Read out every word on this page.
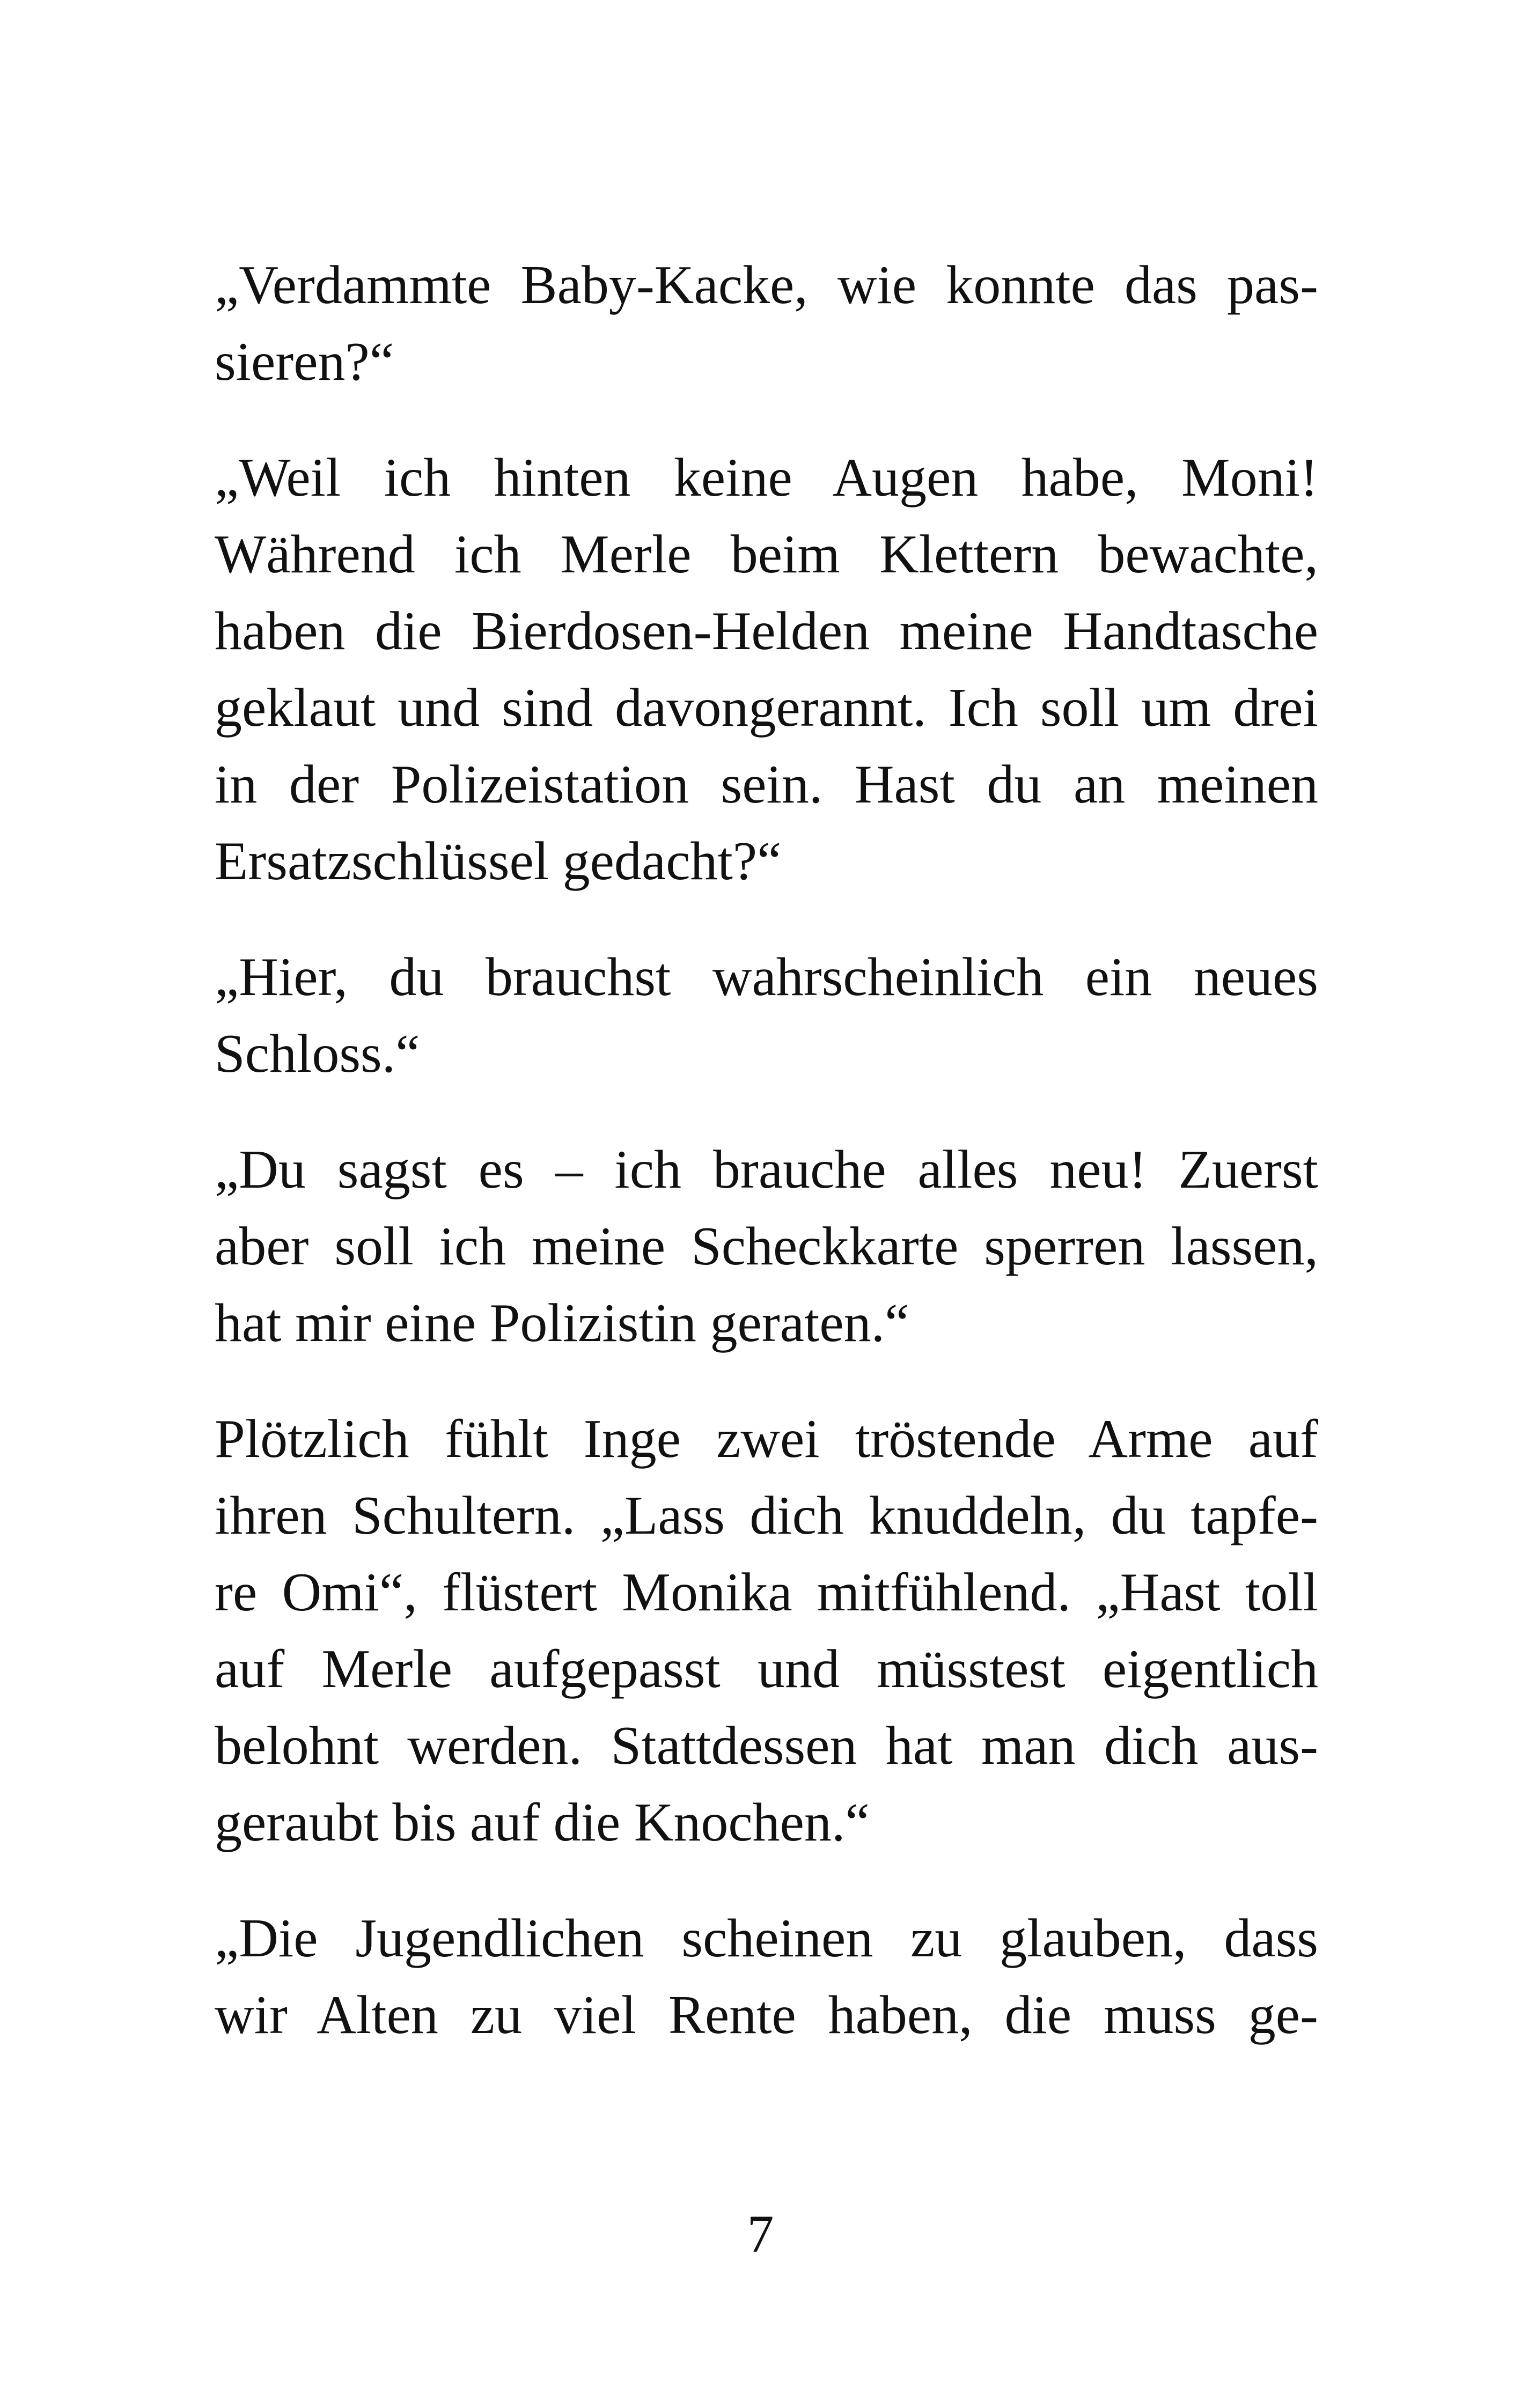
„Verdammte Baby-Kacke, wie konnte das pas-
sieren?“

„Weil ich hinten keine Augen habe, Moni!
Während ich Merle beim Klettern bewachte,
haben die Bierdosen-Helden meine Handtasche
geklaut und sind davongerannt. Ich soll um drei
in der Polizeistation sein. Hast du an meinen
Ersatzschlüssel gedacht?“

„Hier, du brauchst wahrscheinlich ein neues
Schloss.“

„Du sagst es – ich brauche alles neu! Zuerst
aber soll ich meine Scheckkarte sperren lassen,
hat mir eine Polizistin geraten.“

Plötzlich fühlt Inge zwei tröstende Arme auf
ihren Schultern. „Lass dich knuddeln, du tapfe-
re Omi“, flüstert Monika mitfühlend. „Hast toll
auf Merle aufgepasst und müsstest eigentlich
belohnt werden. Stattdessen hat man dich aus-
geraubt bis auf die Knochen.“

„Die Jugendlichen scheinen zu glauben, dass
wir Alten zu viel Rente haben, die muss ge-

7
